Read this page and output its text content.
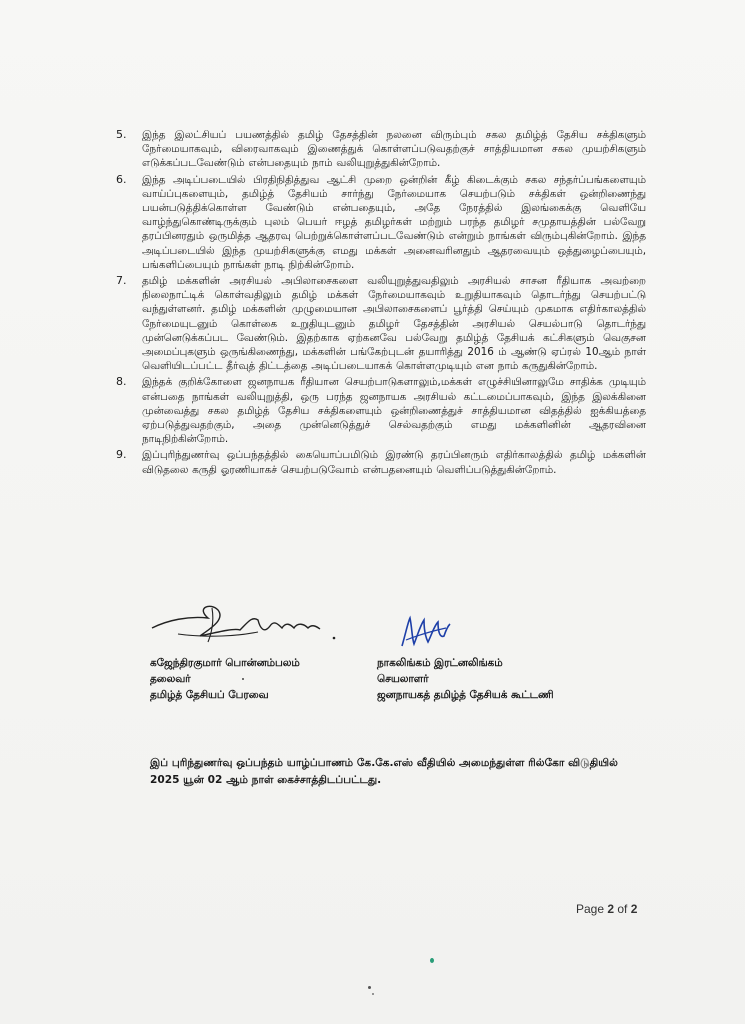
5. இந்த இலட்சியப் பயணத்தில் தமிழ் தேசத்தின் நலனை விரும்பும் சகல தமிழ்த் தேசிய சக்திகளும் நேர்மையாகவும், விரைவாகவும் இணைத்துக் கொள்ளப்படுவதற்குச் சாத்தியமான சகல முயற்சிகளும் எடுக்கப்படவேண்டும் என்பதையும் நாம் வலியுறுத்துகின்றோம்.

6. இந்த அடிப்படையில் பிரதிநிதித்துவ ஆட்சி முறை ஒன்றின் கீழ் கிடைக்கும் சகல சந்தர்ப்பங்களையும் வாய்ப்புகளையும், தமிழ்த் தேசியம் சார்ந்து நேர்மையாக செயற்படும் சக்திகள் ஒன்றிணைந்து பயன்படுத்திக்கொள்ள வேண்டும் என்பதையும், அதே நேரத்தில் இலங்கைக்கு வெளியே வாழ்ந்துகொண்டிருக்கும் புலம் பெயர் ஈழத் தமிழர்கள் மற்றும் பரந்த தமிழர் சமுதாயத்தின் பல்வேறு தரப்பினரதும் ஒருமித்த ஆதரவு பெற்றுக்கொள்ளப்படவேண்டும் என்றும் நாங்கள் விரும்புகின்றோம். இந்த அடிப்படையில் இந்த முயற்சிகளுக்கு எமது மக்கள் அனைவரினதும் ஆதரவையும் ஒத்துழைப்பையும், பங்களிப்பையும் நாங்கள் நாடி நிற்கின்றோம்.

7. தமிழ் மக்களின் அரசியல் அபிலாசைகளை வலியுறுத்துவதிலும் அரசியல் சாசன ரீதியாக அவற்றை நிலைநாட்டிக் கொள்வதிலும் தமிழ் மக்கள் நேர்மையாகவும் உறுதியாகவும் தொடர்ந்து செயற்பட்டு வந்துள்ளனர். தமிழ் மக்களின் முழுமையான அபிலாசைகளைப் பூர்த்தி செய்யும் முகமாக எதிர்காலத்தில் நேர்மையுடனும் கொள்கை உறுதியுடனும் தமிழர் தேசத்தின் அரசியல் செயல்பாடு தொடர்ந்து முன்னெடுக்கப்பட வேண்டும். இதற்காக ஏற்கனவே பல்வேறு தமிழ்த் தேசியக் கட்சிகளும் வெகுசன அமைப்புகளும் ஒருங்கிணைந்து, மக்களின் பங்கேற்புடன் தயாரித்து 2016 ம் ஆண்டு ஏப்ரல் 10ஆம் நாள் வெளியிடப்பட்ட தீர்வுத் திட்டத்தை அடிப்படையாகக் கொள்ளமுடியும் என நாம் கருதுகின்றோம்.

8. இந்தக் குறிக்கோளை ஜனநாயக ரீதியான செயற்பாடுகளாலும்,மக்கள் எழுச்சியினாலுமே சாதிக்க முடியும் என்பதை நாங்கள் வலியுறுத்தி, ஒரு பரந்த ஜனநாயக அரசியல் கட்டமைப்பாகவும், இந்த இலக்கினை முன்வைத்து சகல தமிழ்த் தேசிய சக்திகளையும் ஒன்றிணைத்துச் சாத்தியமான விதத்தில் ஐக்கியத்தை ஏற்படுத்துவதற்கும், அதை முன்னெடுத்துச் செல்வதற்கும் எமது மக்களினின் ஆதரவினை நாடிநிற்கின்றோம்.

9. இப்புரிந்துணர்வு ஒப்பந்தத்தில் கையொப்பமிடும் இரண்டு தரப்பினரும் எதிர்காலத்தில் தமிழ் மக்களின் விடுதலை கருதி ஓரணியாகச் செயற்படுவோம் என்பதனையும் வெளிப்படுத்துகின்றோம்.

கஜேந்திரகுமார் பொன்னம்பலம்
தலைவர்
தமிழ்த் தேசியப் பேரவை
நாகலிங்கம் இரட்னலிங்கம்
செயலாளர்
ஜனநாயகத் தமிழ்த் தேசியக் கூட்டணி

இப் புரிந்துணர்வு ஒப்பந்தம் யாழ்ப்பாணம் கே.கே.எஸ் வீதியில் அமைந்துள்ள ரில்கோ விடுதியில் 2025 யூன் 02 ஆம் நாள் கைச்சாத்திடப்பட்டது.

Page 2 of 2
